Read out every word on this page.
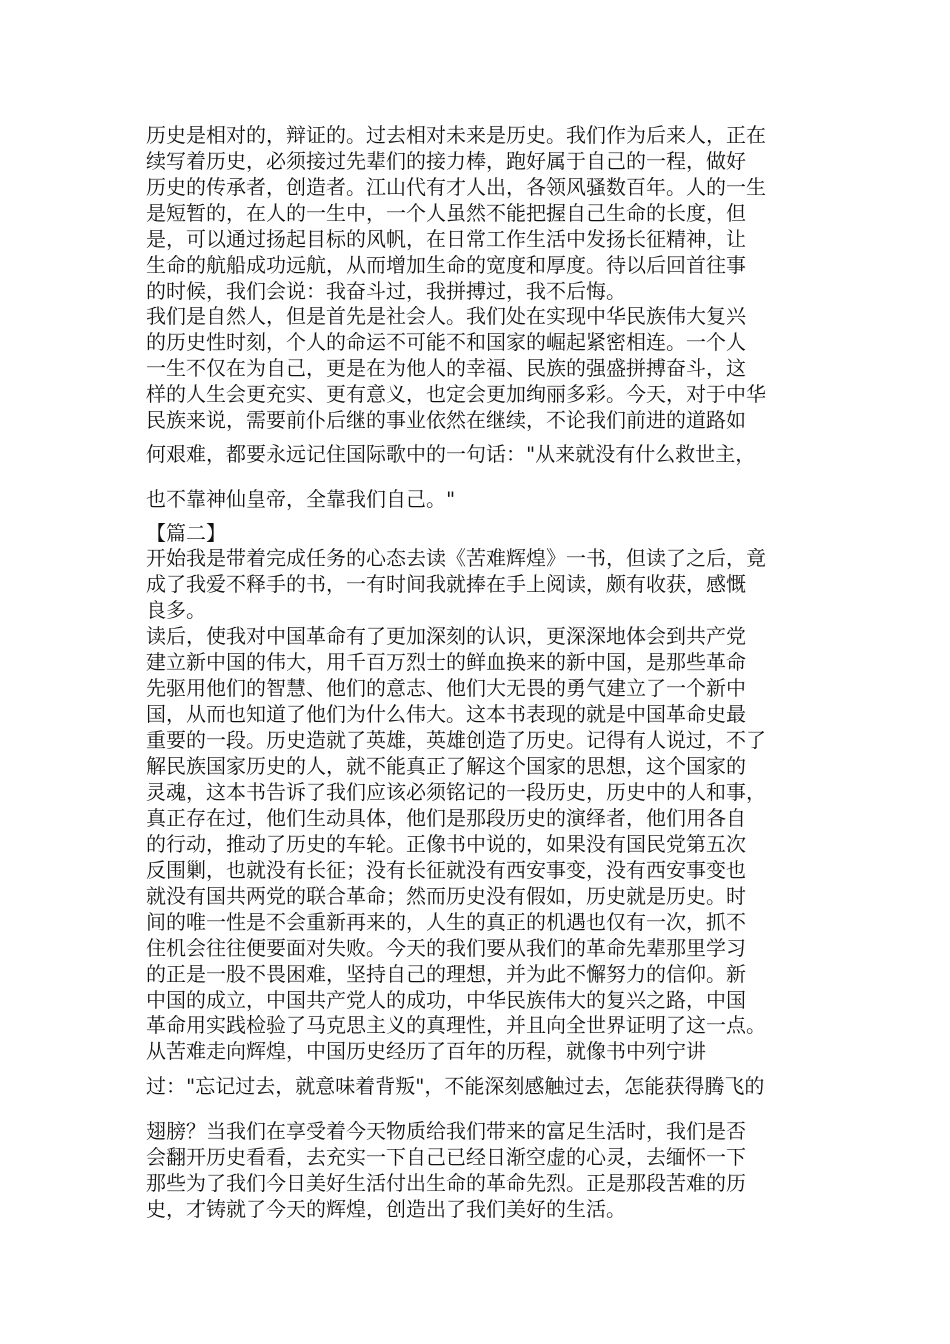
历史是相对的，辩证的。过去相对未来是历史。我们作为后来人，正在
续写着历史，必须接过先辈们的接力棒，跑好属于自己的一程，做好
历史的传承者，创造者。江山代有才人出，各领风骚数百年。人的一生
是短暂的，在人的一生中，一个人虽然不能把握自己生命的长度，但
是，可以通过扬起目标的风帆，在日常工作生活中发扬长征精神，让
生命的航船成功远航，从而增加生命的宽度和厚度。待以后回首往事
的时候，我们会说：我奋斗过，我拼搏过，我不后悔。
我们是自然人，但是首先是社会人。我们处在实现中华民族伟大复兴
的历史性时刻，个人的命运不可能不和国家的崛起紧密相连。一个人
一生不仅在为自己，更是在为他人的幸福、民族的强盛拼搏奋斗，这
样的人生会更充实、更有意义，也定会更加绚丽多彩。今天，对于中华
民族来说，需要前仆后继的事业依然在继续，不论我们前进的道路如
何艰难，都要永远记住国际歌中的一句话："从来就没有什么救世主，
也不靠神仙皇帝，全靠我们自己。"
【篇二】
开始我是带着完成任务的心态去读《苦难辉煌》一书，但读了之后，竟
成了我爱不释手的书，一有时间我就捧在手上阅读，颇有收获，感慨
良多。
读后，使我对中国革命有了更加深刻的认识，更深深地体会到共产党
建立新中国的伟大，用千百万烈士的鲜血换来的新中国，是那些革命
先驱用他们的智慧、他们的意志、他们大无畏的勇气建立了一个新中
国，从而也知道了他们为什么伟大。这本书表现的就是中国革命史最
重要的一段。历史造就了英雄，英雄创造了历史。记得有人说过，不了
解民族国家历史的人，就不能真正了解这个国家的思想，这个国家的
灵魂，这本书告诉了我们应该必须铭记的一段历史，历史中的人和事，
真正存在过，他们生动具体，他们是那段历史的演绎者，他们用各自
的行动，推动了历史的车轮。正像书中说的，如果没有国民党第五次
反围剿，也就没有长征；没有长征就没有西安事变，没有西安事变也
就没有国共两党的联合革命；然而历史没有假如，历史就是历史。时
间的唯一性是不会重新再来的，人生的真正的机遇也仅有一次，抓不
住机会往往便要面对失败。今天的我们要从我们的革命先辈那里学习
的正是一股不畏困难，坚持自己的理想，并为此不懈努力的信仰。新
中国的成立，中国共产党人的成功，中华民族伟大的复兴之路，中国
革命用实践检验了马克思主义的真理性，并且向全世界证明了这一点。
从苦难走向辉煌，中国历史经历了百年的历程，就像书中列宁讲
过："忘记过去，就意味着背叛"，不能深刻感触过去，怎能获得腾飞的
翅膀？当我们在享受着今天物质给我们带来的富足生活时，我们是否
会翻开历史看看，去充实一下自己已经日渐空虚的心灵，去缅怀一下
那些为了我们今日美好生活付出生命的革命先烈。正是那段苦难的历
史，才铸就了今天的辉煌，创造出了我们美好的生活。
